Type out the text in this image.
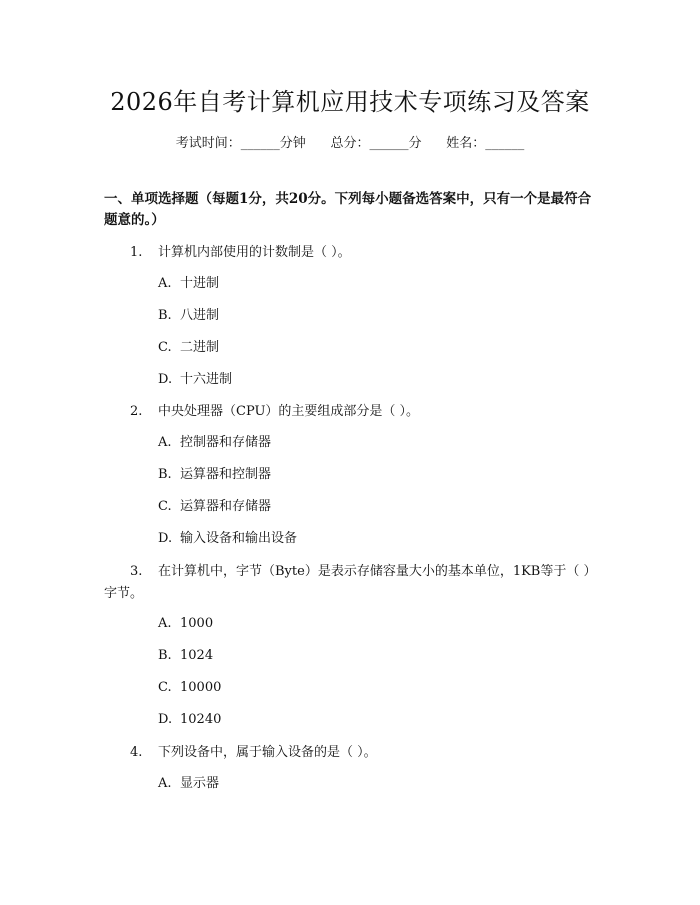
2026年自考计算机应用技术专项练习及答案
考试时间：______分钟      总分：______分      姓名：______
一、单项选择题（每题1分，共20分。下列每小题备选答案中，只有一个是最符合题意的。）
1. 计算机内部使用的计数制是（ ）。
A. 十进制
B. 八进制
C. 二进制
D. 十六进制
2. 中央处理器（CPU）的主要组成部分是（ ）。
A. 控制器和存储器
B. 运算器和控制器
C. 运算器和存储器
D. 输入设备和输出设备
3. 在计算机中，字节（Byte）是表示存储容量大小的基本单位，1KB等于（ ）字节。
A. 1000
B. 1024
C. 10000
D. 10240
4. 下列设备中，属于输入设备的是（ ）。
A. 显示器
